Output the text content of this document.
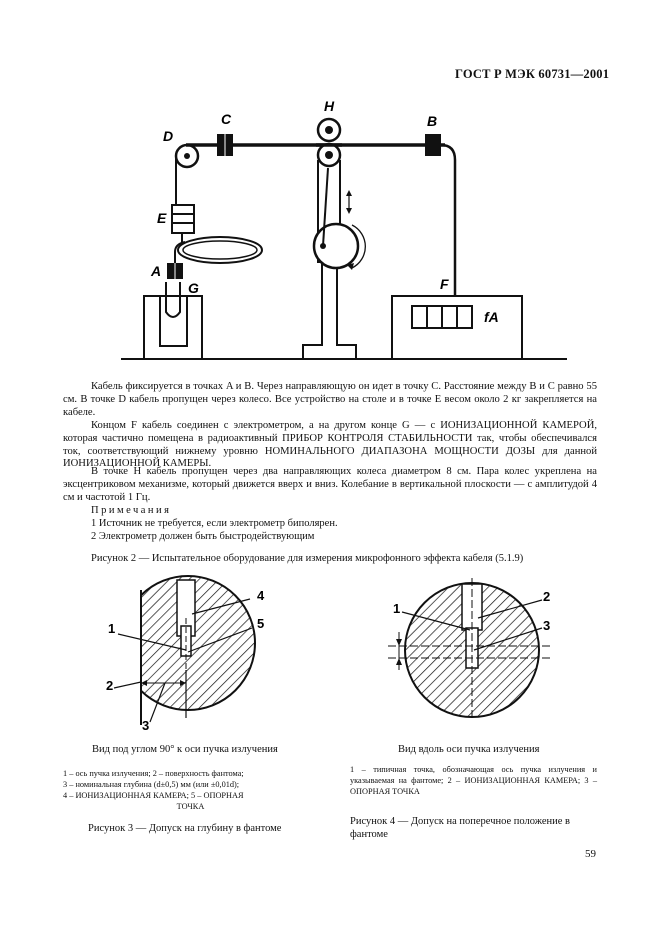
ГОСТ Р МЭК 60731—2001
H
C	B
D
E
A
G	F
fA
Кабель фиксируется в точках A и B. Через направляющую он идет в точку C. Расстояние между B и C равно 55 см. В точке D кабель пропущен через колесо. Все устройство на столе и в точке E весом около 2 кг закрепляется на кабеле.
Концом F кабель соединен с электрометром, а на другом конце G — с ИОНИЗАЦИОННОЙ КАМЕРОЙ, которая частично помещена в радиоактивный ПРИБОР КОНТРОЛЯ СТАБИЛЬНОСТИ так, чтобы обеспечивался ток, соответствующий нижнему уровню НОМИНАЛЬНОГО ДИАПАЗОНА МОЩНОСТИ ДОЗЫ для данной ИОНИЗАЦИОННОЙ КАМЕРЫ.
В точке H кабель пропущен через два направляющих колеса диаметром 8 см. Пара колес укреплена на эксцентриковом механизме, который движется вверх и вниз. Колебание в вертикальной плоскости — с амплитудой 4 см и частотой 1 Гц.
Примечания
1 Источник не требуется, если электрометр биполярен.
2 Электрометр должен быть быстродействующим
Рисунок 2 — Испытательное оборудование для измерения микрофонного эффекта кабеля (5.1.9)
1
2
3
4
5
1
2
3
Вид под углом 90° к оси пучка излучения
1 – ось пучка излучения; 2 – поверхность фантома;
3 – номинальная глубина (d±0,5) мм (или ±0,01d);
4 – ИОНИЗАЦИОННАЯ КАМЕРА; 5 – ОПОРНАЯ
ТОЧКА
Рисунок 3 — Допуск на глубину в фантоме
Вид вдоль оси пучка излучения
1 – типичная точка, обозначающая ось пучка излучения и указываемая на фантоме; 2 – ИОНИЗАЦИОННАЯ КАМЕРА; 3 – ОПОРНАЯ ТОЧКА
Рисунок 4 — Допуск на поперечное положение в фантоме
59
